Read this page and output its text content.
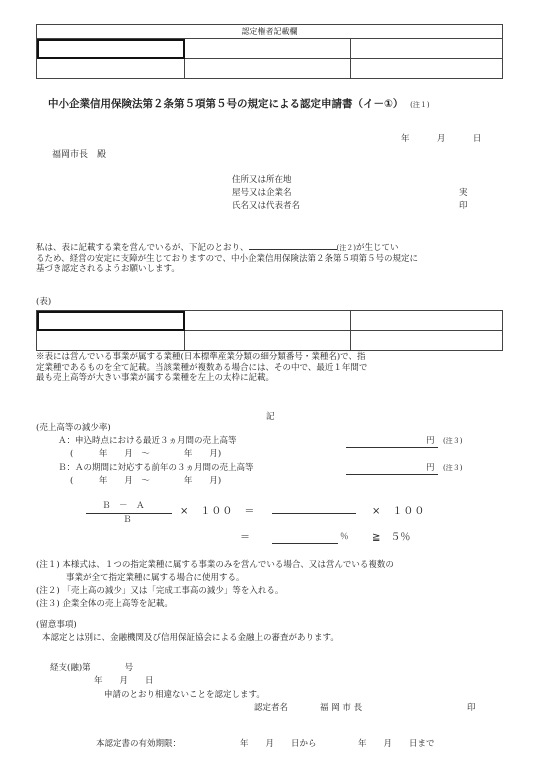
認定権者記載欄		

中小企業信用保険法第２条第５項第５号の規定による認定申請書（イ－①） (注１)
年	月	日
福岡市長　殿
住所又は所在地
屋号又は企業名
氏名又は代表者名
実
印
私は、表に記載する業を営んでいるが、下記のとおり、	(注２)が生じてい
るため、経営の安定に支障が生じておりますので、中小企業信用保険法第２条第５項第５号の規定に
基づき認定されるようお願いします。
(表)

※表には営んでいる事業が属する業種(日本標準産業分類の細分類番号・業種名)で、指
定業種であるものを全て記載。当該業種が複数ある場合には、その中で、最近１年間で
最も売上高等が大きい事業が属する業種を左上の太枠に記載。
記
(売上高等の減少率)
Ａ：申込時点における最近３ヵ月間の売上高等
(　　　年　　月　～　　　　年　　月)
Ｂ：Ａの期間に対応する前年の３ヵ月間の売上高等
(　　　年　　月　～　　　　年　　月)
円 (注３)
円 (注３)
Ｂ　－　Ａ
Ｂ
×　１００　＝	×　１００
＝	％ ≧　５％
(注１) 本様式は、１つの指定業種に属する事業のみを営んでいる場合、又は営んでいる複数の
事業が全て指定業種に属する場合に使用する。
(注２) 「売上高の減少」又は「完成工事高の減少」等を入れる。
(注３) 企業全体の売上高等を記載。
(留意事項)
本認定とは別に、金融機関及び信用保証協会による金融上の審査があります。
経支(融)第　　　　号
年　　月　　日
申請のとおり相違ないことを認定します。
認定者名	福 岡 市 長	印
本認定書の有効期限：	年　　月　　日から	年　　月　　日まで
